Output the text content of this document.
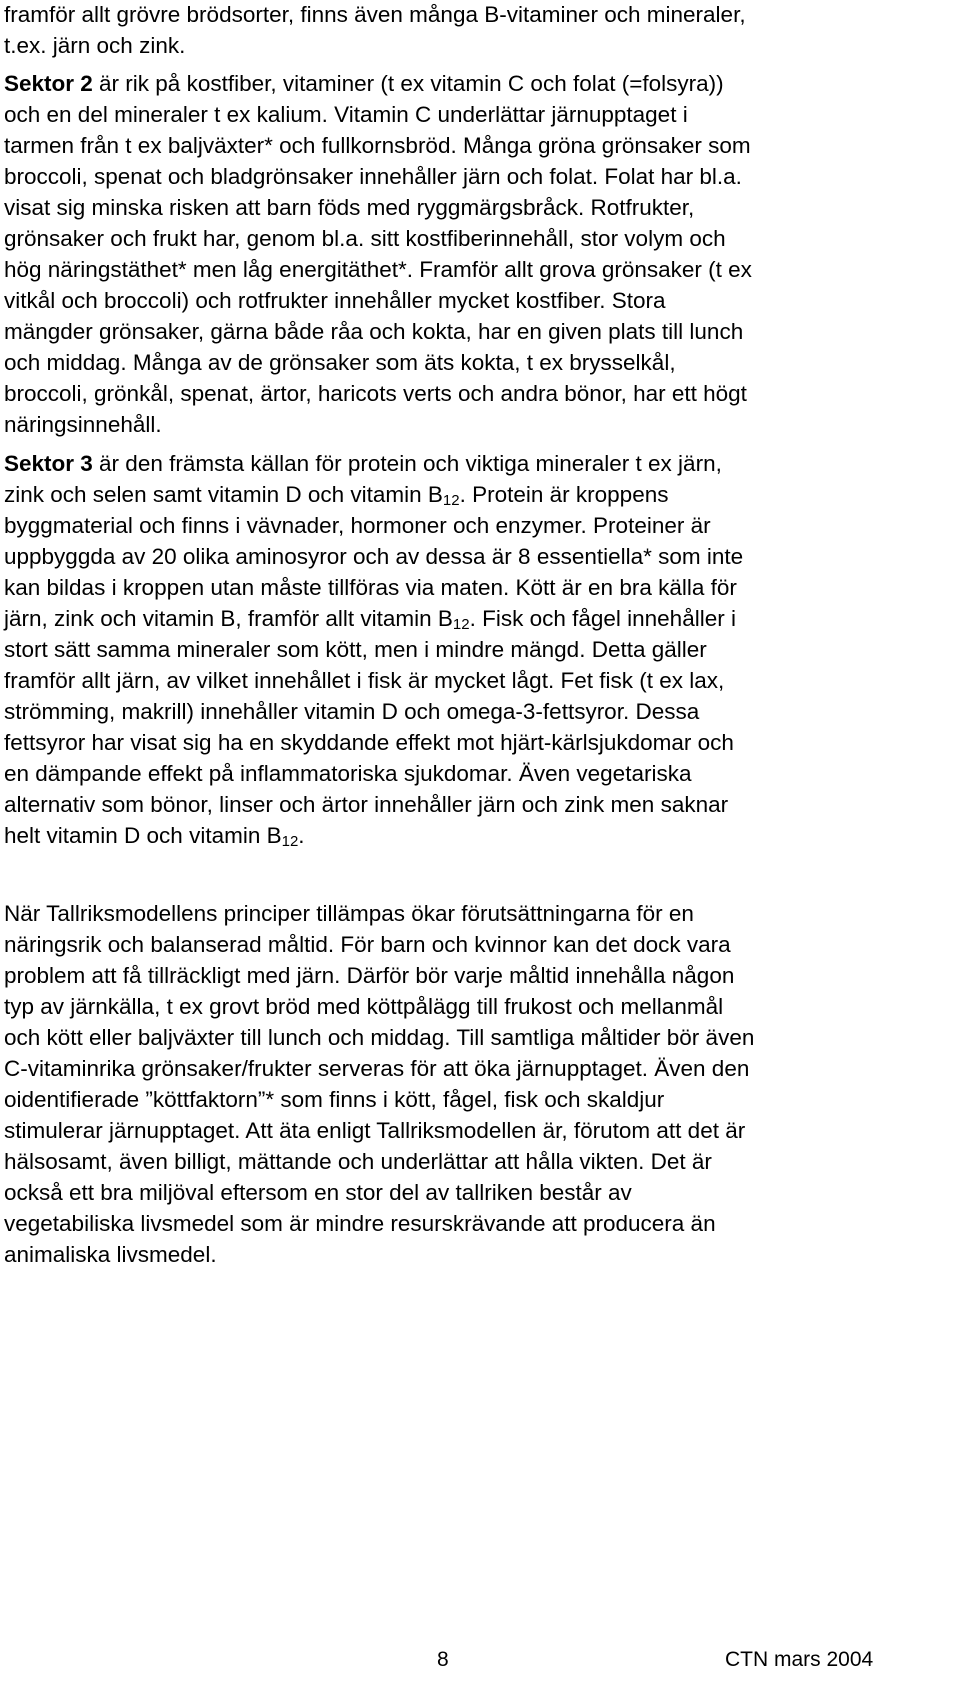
framför allt grövre brödsorter, finns även många B-vitaminer och mineraler,
t.ex. järn och zink.

Sektor 2 är rik på kostfiber, vitaminer (t ex vitamin C och folat (=folsyra))
och en del mineraler t ex kalium. Vitamin C underlättar järnupptaget i
tarmen från t ex baljväxter* och fullkornsbröd. Många gröna grönsaker som
broccoli, spenat och bladgrönsaker innehåller järn och folat. Folat har bl.a.
visat sig minska risken att barn föds med ryggmärgsbråck. Rotfrukter,
grönsaker och frukt har, genom bl.a. sitt kostfiberinnehåll, stor volym och
hög näringstäthet* men låg energitäthet*. Framför allt grova grönsaker (t ex
vitkål och broccoli) och rotfrukter innehåller mycket kostfiber. Stora
mängder grönsaker, gärna både råa och kokta, har en given plats till lunch
och middag. Många av de grönsaker som äts kokta, t ex brysselkål,
broccoli, grönkål, spenat, ärtor, haricots verts och andra bönor, har ett högt
näringsinnehåll.

Sektor 3 är den främsta källan för protein och viktiga mineraler t ex järn,
zink och selen samt vitamin D och vitamin $B_{12}$. Protein är kroppens
byggmaterial och finns i vävnader, hormoner och enzymer. Proteiner är
uppbyggda av 20 olika aminosyror och av dessa är 8 essentiella* som inte
kan bildas i kroppen utan måste tillföras via maten. Kött är en bra källa för
järn, zink och vitamin B, framför allt vitamin $B_{12}$. Fisk och fågel innehåller i
stort sätt samma mineraler som kött, men i mindre mängd. Detta gäller
framför allt järn, av vilket innehållet i fisk är mycket lågt. Fet fisk (t ex lax,
strömming, makrill) innehåller vitamin D och omega-3-fettsyror. Dessa
fettsyror har visat sig ha en skyddande effekt mot hjärt-kärlsjukdomar och
en dämpande effekt på inflammatoriska sjukdomar. Även vegetariska
alternativ som bönor, linser och ärtor innehåller järn och zink men saknar
helt vitamin D och vitamin $B_{12}$.

När Tallriksmodellens principer tillämpas ökar förutsättningarna för en
näringsrik och balanserad måltid. För barn och kvinnor kan det dock vara
problem att få tillräckligt med järn. Därför bör varje måltid innehålla någon
typ av järnkälla, t ex grovt bröd med köttpålägg till frukost och mellanmål
och kött eller baljväxter till lunch och middag. Till samtliga måltider bör även
C-vitaminrika grönsaker/frukter serveras för att öka järnupptaget. Även den
oidentifierade ”köttfaktorn”* som finns i kött, fågel, fisk och skaldjur
stimulerar järnupptaget. Att äta enligt Tallriksmodellen är, förutom att det är
hälsosamt, även billigt, mättande och underlättar att hålla vikten. Det är
också ett bra miljöval eftersom en stor del av tallriken består av
vegetabiliska livsmedel som är mindre resurskrävande att producera än
animaliska livsmedel.

8	CTN mars 2004
